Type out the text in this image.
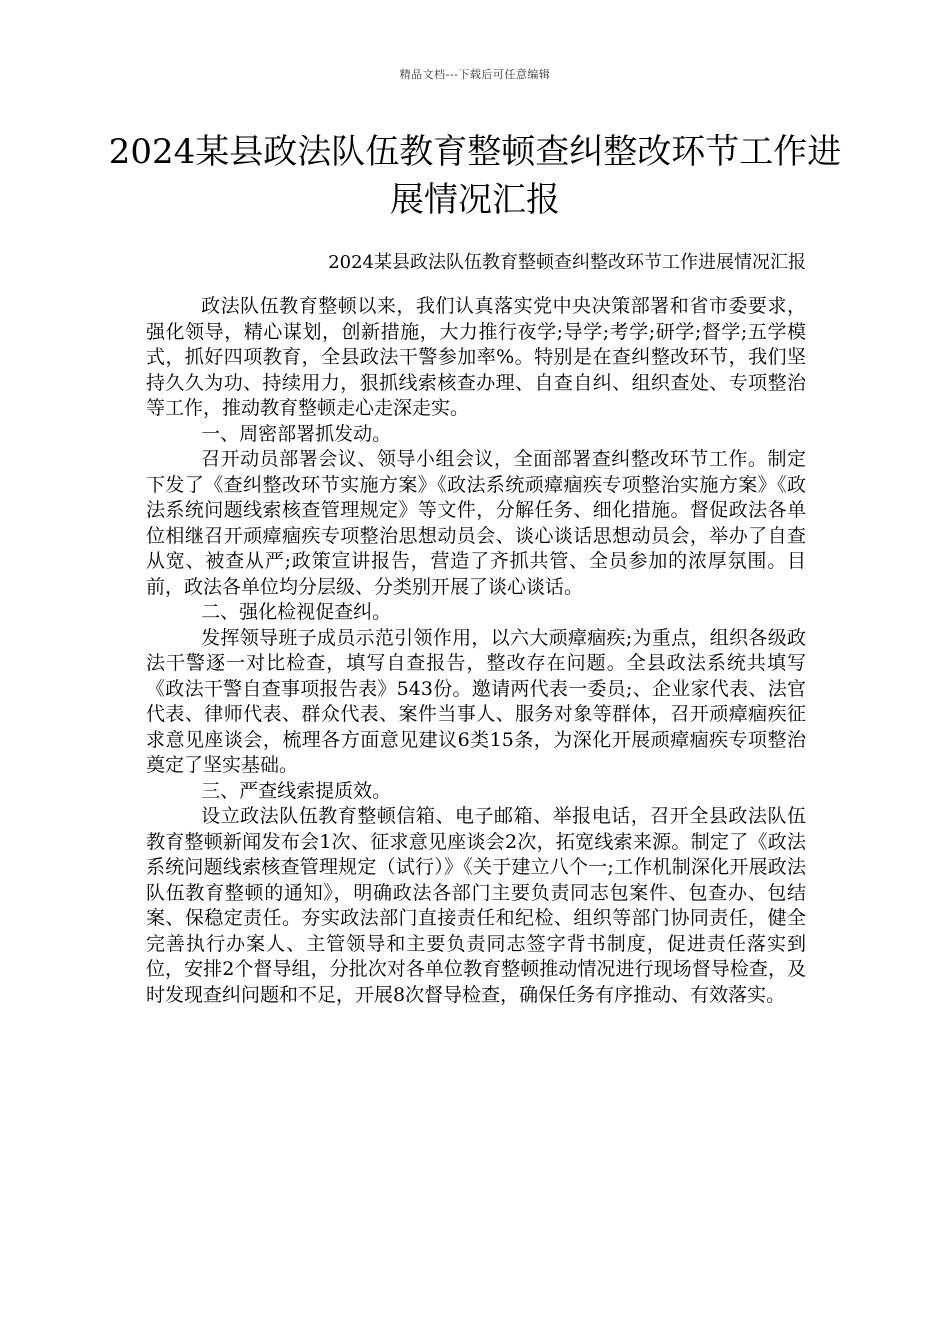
精品文档---下载后可任意编辑
2024某县政法队伍教育整顿查纠整改环节工作进展情况汇报
2024某县政法队伍教育整顿查纠整改环节工作进展情况汇报

政法队伍教育整顿以来，我们认真落实党中央决策部署和省市委要求，强化领导，精心谋划，创新措施，大力推行夜学;导学;考学;研学;督学;五学模式，抓好四项教育，全县政法干警参加率%。特别是在查纠整改环节，我们坚持久久为功、持续用力，狠抓线索核查办理、自查自纠、组织查处、专项整治等工作，推动教育整顿走心走深走实。

一、周密部署抓发动。

召开动员部署会议、领导小组会议，全面部署查纠整改环节工作。制定下发了《查纠整改环节实施方案》《政法系统顽瘴痼疾专项整治实施方案》《政法系统问题线索核查管理规定》等文件，分解任务、细化措施。督促政法各单位相继召开顽瘴痼疾专项整治思想动员会、谈心谈话思想动员会，举办了自查从宽、被查从严;政策宣讲报告，营造了齐抓共管、全员参加的浓厚氛围。目前，政法各单位均分层级、分类别开展了谈心谈话。

二、强化检视促查纠。

发挥领导班子成员示范引领作用，以六大顽瘴痼疾;为重点，组织各级政法干警逐一对比检查，填写自查报告，整改存在问题。全县政法系统共填写《政法干警自查事项报告表》543份。邀请两代表一委员;、企业家代表、法官代表、律师代表、群众代表、案件当事人、服务对象等群体，召开顽瘴痼疾征求意见座谈会，梳理各方面意见建议6类15条，为深化开展顽瘴痼疾专项整治奠定了坚实基础。

三、严查线索提质效。

设立政法队伍教育整顿信箱、电子邮箱、举报电话，召开全县政法队伍教育整顿新闻发布会1次、征求意见座谈会2次，拓宽线索来源。制定了《政法系统问题线索核查管理规定（试行）》《关于建立八个一;工作机制深化开展政法队伍教育整顿的通知》，明确政法各部门主要负责同志包案件、包查办、包结案、保稳定责任。夯实政法部门直接责任和纪检、组织等部门协同责任，健全完善执行办案人、主管领导和主要负责同志签字背书制度，促进责任落实到位，安排2个督导组，分批次对各单位教育整顿推动情况进行现场督导检查，及时发现查纠问题和不足，开展8次督导检查，确保任务有序推动、有效落实。
